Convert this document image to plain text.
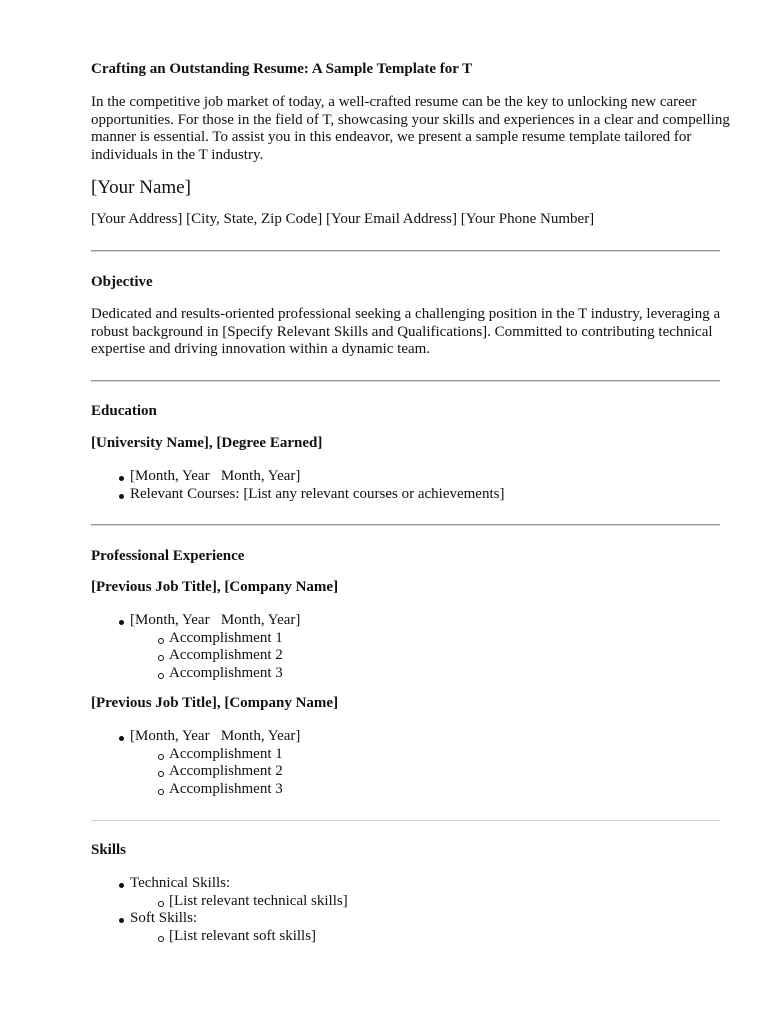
Crafting an Outstanding Resume: A Sample Template for T
In the competitive job market of today, a well-crafted resume can be the key to unlocking new career opportunities. For those in the field of T, showcasing your skills and experiences in a clear and compelling manner is essential. To assist you in this endeavor, we present a sample resume template tailored for individuals in the T industry.
[Your Name]
[Your Address] [City, State, Zip Code] [Your Email Address] [Your Phone Number]
Objective
Dedicated and results-oriented professional seeking a challenging position in the T industry, leveraging a robust background in [Specify Relevant Skills and Qualifications]. Committed to contributing technical expertise and driving innovation within a dynamic team.
Education
[University Name], [Degree Earned]
[Month, Year   Month, Year]
Relevant Courses: [List any relevant courses or achievements]
Professional Experience
[Previous Job Title], [Company Name]
[Month, Year   Month, Year]
Accomplishment 1
Accomplishment 2
Accomplishment 3
[Previous Job Title], [Company Name]
[Month, Year   Month, Year]
Accomplishment 1
Accomplishment 2
Accomplishment 3
Skills
Technical Skills:
[List relevant technical skills]
Soft Skills:
[List relevant soft skills]
